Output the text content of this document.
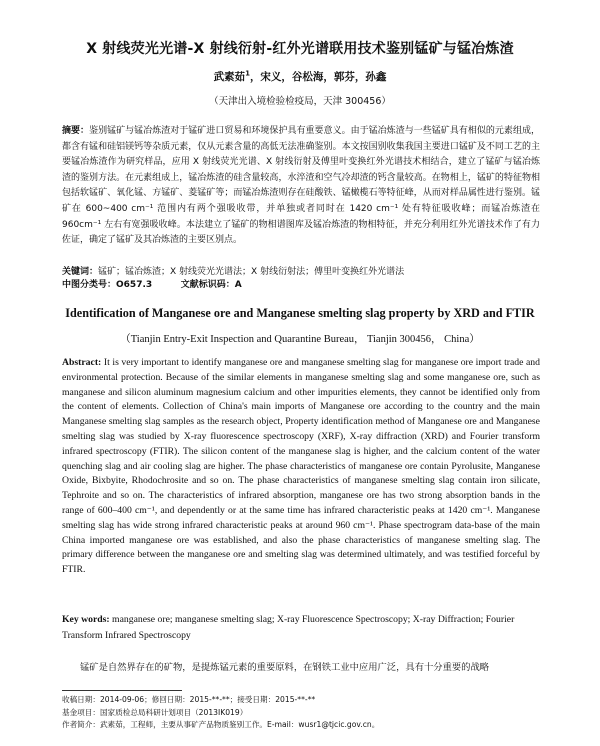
X 射线荧光光谱-X 射线衍射-红外光谱联用技术鉴别锰矿与锰冶炼渣
武素茹$^1$，宋义，谷松海，郭芬，孙鑫
（天津出入境检验检疫局，天津 300456）
摘要：鉴别锰矿与锰冶炼渣对于锰矿进口贸易和环境保护具有重要意义。由于锰冶炼渣与一些锰矿具有相似的元素组成，都含有锰和硅铝镁钙等杂质元素，仅从元素含量的高低无法准确鉴别。本文按国别收集我国主要进口锰矿及不同工艺的主要锰冶炼渣作为研究样品，应用 X 射线荧光光谱、X 射线衍射及傅里叶变换红外光谱技术相结合，建立了锰矿与锰冶炼渣的鉴别方法。在元素组成上，锰冶炼渣的硅含量较高，水淬渣和空气冷却渣的钙含量较高。在物相上，锰矿的特征物相包括软锰矿、氧化锰、方锰矿、菱锰矿等；而锰冶炼渣则存在硅酸铁、锰橄榄石等特征峰，从而对样品属性进行鉴别。锰矿在 600~400 cm⁻¹ 范围内有两个强吸收带，并单独或者同时在 1420 cm⁻¹ 处有特征吸收峰；而锰冶炼渣在 960cm⁻¹ 左右有宽强吸收峰。本法建立了锰矿的物相谱图库及锰冶炼渣的物相特征，并充分利用红外光谱技术作了有力佐证，确定了锰矿及其冶炼渣的主要区别点。
关键词：锰矿；锰冶炼渣；X 射线荧光光谱法；X 射线衍射法；傅里叶变换红外光谱法
中图分类号：O657.3	文献标识码：A
Identification of Manganese ore and Manganese smelting slag property by XRD and FTIR
（Tianjin Entry-Exit Inspection and Quarantine Bureau， Tianjin 300456， China）
Abstract: It is very important to identify manganese ore and manganese smelting slag for manganese ore import trade and environmental protection. Because of the similar elements in manganese smelting slag and some manganese ore, such as manganese and silicon aluminum magnesium calcium and other impurities elements, they cannot be identified only from the content of elements. Collection of China's main imports of Manganese ore according to the country and the main Manganese smelting slag samples as the research object, Property identification method of Manganese ore and Manganese smelting slag was studied by X-ray fluorescence spectroscopy (XRF), X-ray diffraction (XRD) and Fourier transform infrared spectroscopy (FTIR). The silicon content of the manganese slag is higher, and the calcium content of the water quenching slag and air cooling slag are higher. The phase characteristics of manganese ore contain Pyrolusite, Manganese Oxide, Bixbyite, Rhodochrosite and so on. The phase characteristics of manganese smelting slag contain iron silicate, Tephroite and so on. The characteristics of infrared absorption, manganese ore has two strong absorption bands in the range of 600–400 cm⁻¹, and dependently or at the same time has infrared characteristic peaks at 1420 cm⁻¹. Manganese smelting slag has wide strong infrared characteristic peaks at around 960 cm⁻¹. Phase spectrogram data-base of the main China imported manganese ore was established, and also the phase characteristics of manganese smelting slag. The primary difference between the manganese ore and smelting slag was determined ultimately, and was testified forceful by FTIR.
Key words: manganese ore; manganese smelting slag; X-ray Fluorescence Spectroscopy; X-ray Diffraction; Fourier Transform Infrared Spectroscopy
锰矿是自然界存在的矿物，是提炼锰元素的重要原料，在钢铁工业中应用广泛，具有十分重要的战略
收稿日期：2014-09-06；修回日期：2015-**-**；接受日期：2015-**-**
基金项目：国家质检总局科研计划项目（2013IK019）
作者简介：武素茹，工程师，主要从事矿产品物质鉴别工作。E-mail：wusr1@tjcic.gov.cn。
